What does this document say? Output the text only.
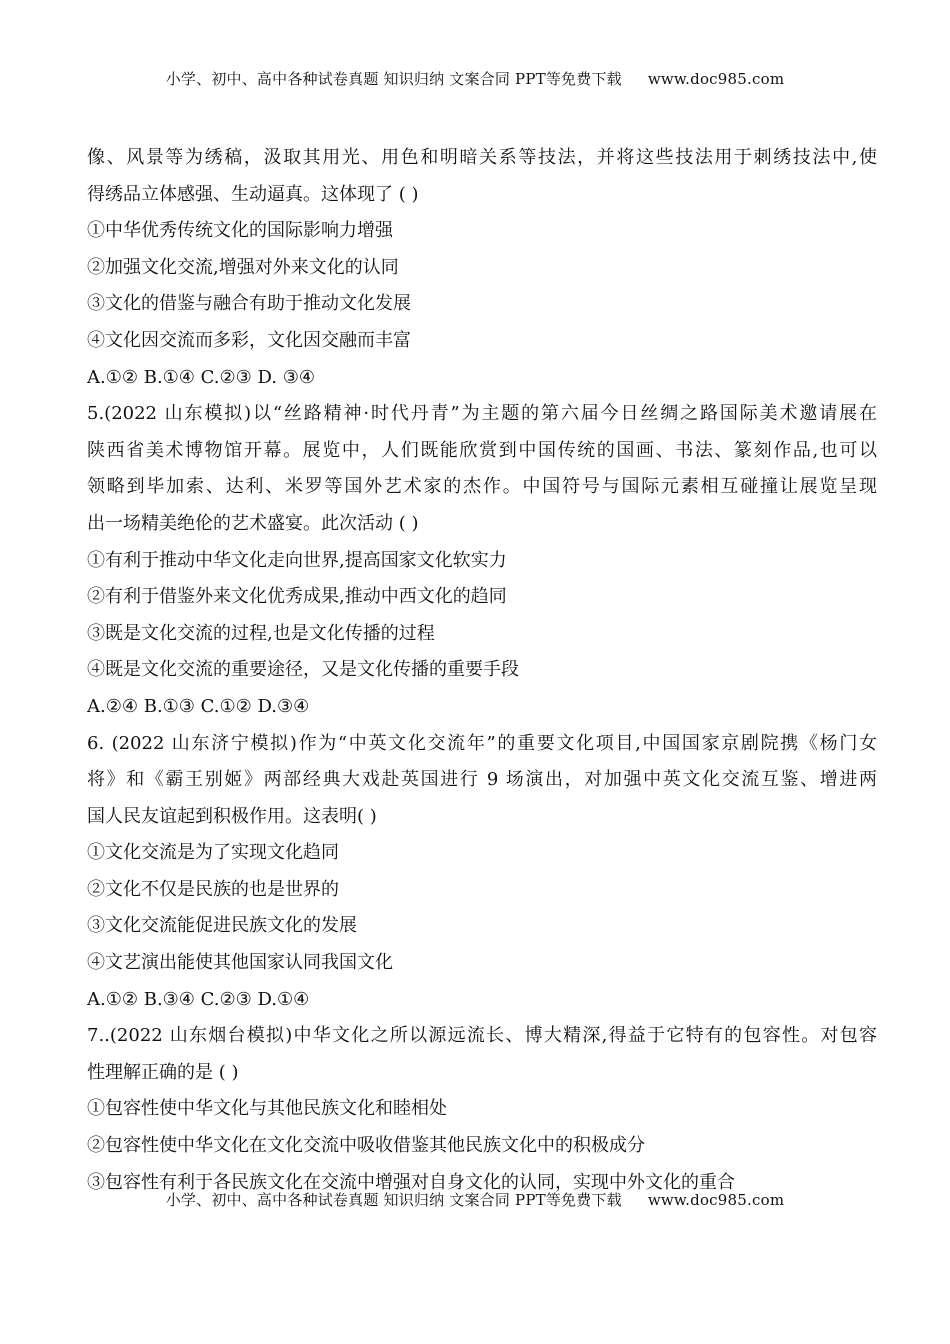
小学、初中、高中各种试卷真题 知识归纳 文案合同 PPT等免费下载 www.doc985.com
像、风景等为绣稿，汲取其用光、用色和明暗关系等技法，并将这些技法用于刺绣技法中,使
得绣品立体感强、生动逼真。这体现了 ( )
①中华优秀传统文化的国际影响力增强
②加强文化交流,增强对外来文化的认同
③文化的借鉴与融合有助于推动文化发展
④文化因交流而多彩，文化因交融而丰富
A.①② B.①④ C.②③ D. ③④
5.(2022 山东模拟)以“丝路精神·时代丹青”为主题的第六届今日丝绸之路国际美术邀请展在
陕西省美术博物馆开幕。展览中，人们既能欣赏到中国传统的国画、书法、篆刻作品,也可以
领略到毕加索、达利、米罗等国外艺术家的杰作。中国符号与国际元素相互碰撞让展览呈现
出一场精美绝伦的艺术盛宴。此次活动 ( )
①有利于推动中华文化走向世界,提高国家文化软实力
②有利于借鉴外来文化优秀成果,推动中西文化的趋同
③既是文化交流的过程,也是文化传播的过程
④既是文化交流的重要途径，又是文化传播的重要手段
A.②④ B.①③ C.①② D.③④
6. (2022 山东济宁模拟)作为“中英文化交流年”的重要文化项目,中国国家京剧院携《杨门女
将》和《霸王别姬》两部经典大戏赴英国进行 9 场演出，对加强中英文化交流互鉴、增进两
国人民友谊起到积极作用。这表明( )
①文化交流是为了实现文化趋同
②文化不仅是民族的也是世界的
③文化交流能促进民族文化的发展
④文艺演出能使其他国家认同我国文化
A.①② B.③④ C.②③ D.①④
7..(2022 山东烟台模拟)中华文化之所以源远流长、博大精深,得益于它特有的包容性。对包容
性理解正确的是 ( )
①包容性使中华文化与其他民族文化和睦相处
②包容性使中华文化在文化交流中吸收借鉴其他民族文化中的积极成分
③包容性有利于各民族文化在交流中增强对自身文化的认同，实现中外文化的重合
小学、初中、高中各种试卷真题 知识归纳 文案合同 PPT等免费下载 www.doc985.com
